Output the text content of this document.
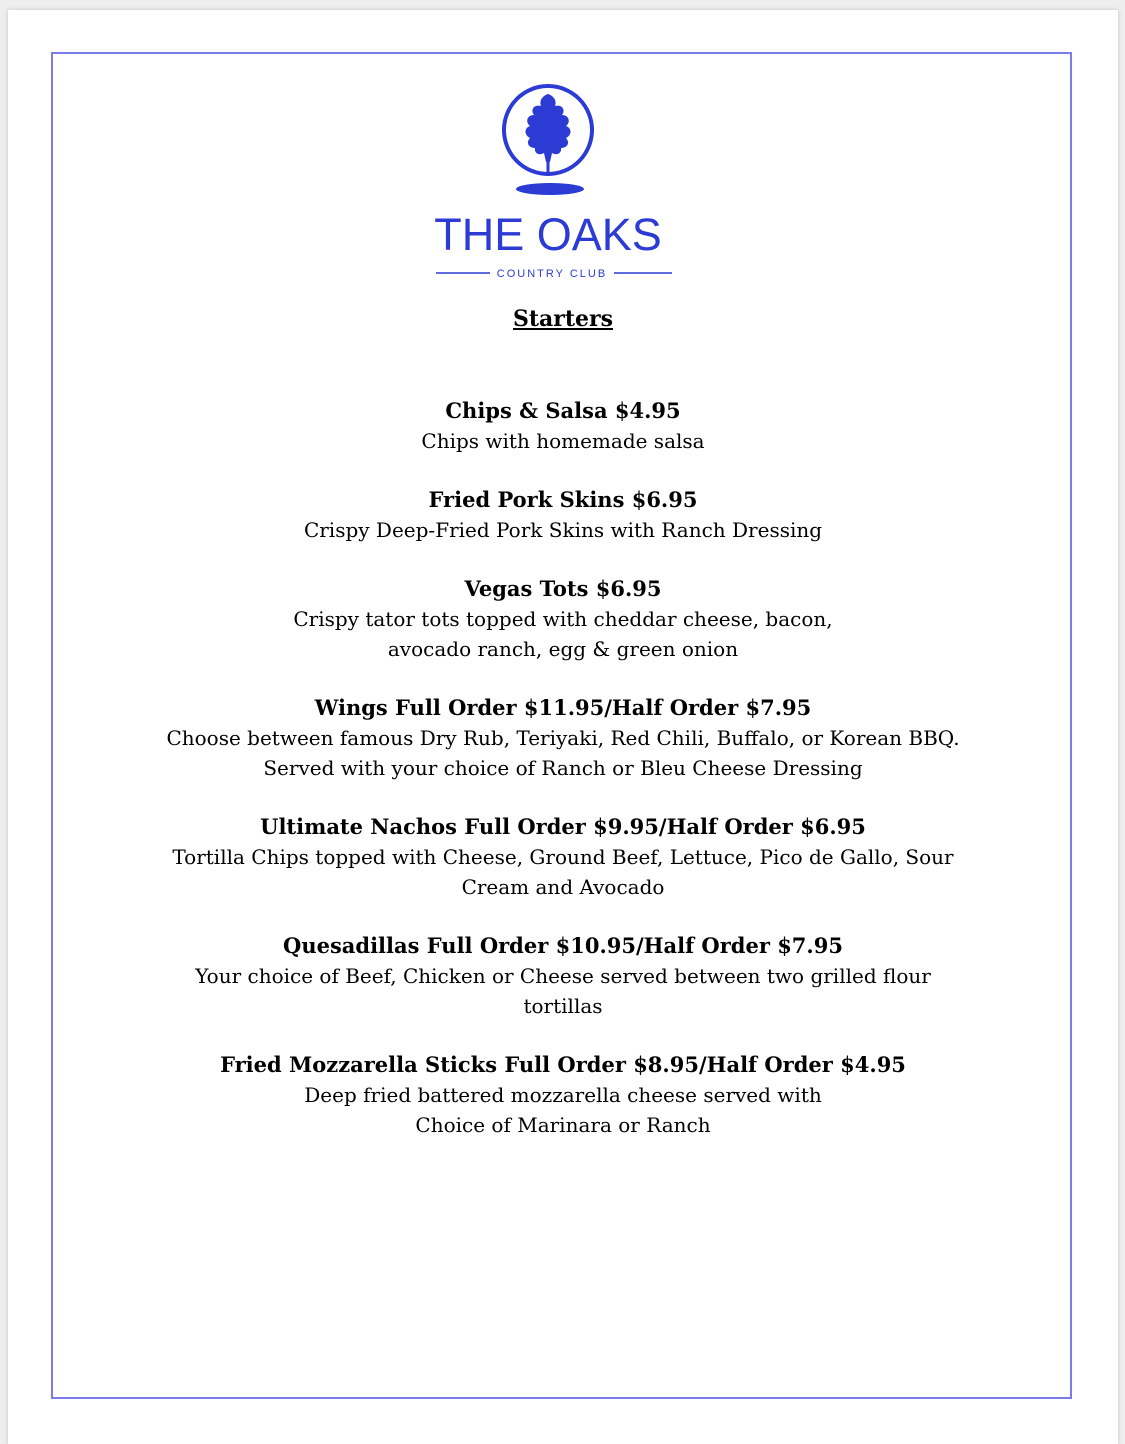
THE OAKS
COUNTRY CLUB
Starters
Chips & Salsa $4.95
Chips with homemade salsa
Fried Pork Skins $6.95
Crispy Deep-Fried Pork Skins with Ranch Dressing
Vegas Tots $6.95
Crispy tator tots topped with cheddar cheese, bacon,
avocado ranch, egg & green onion
Wings Full Order $11.95/Half Order $7.95
Choose between famous Dry Rub, Teriyaki, Red Chili, Buffalo, or Korean BBQ.
Served with your choice of Ranch or Bleu Cheese Dressing
Ultimate Nachos Full Order $9.95/Half Order $6.95
Tortilla Chips topped with Cheese, Ground Beef, Lettuce, Pico de Gallo, Sour
Cream and Avocado
Quesadillas Full Order $10.95/Half Order $7.95
Your choice of Beef, Chicken or Cheese served between two grilled flour
tortillas
Fried Mozzarella Sticks Full Order $8.95/Half Order $4.95
Deep fried battered mozzarella cheese served with
Choice of Marinara or Ranch
